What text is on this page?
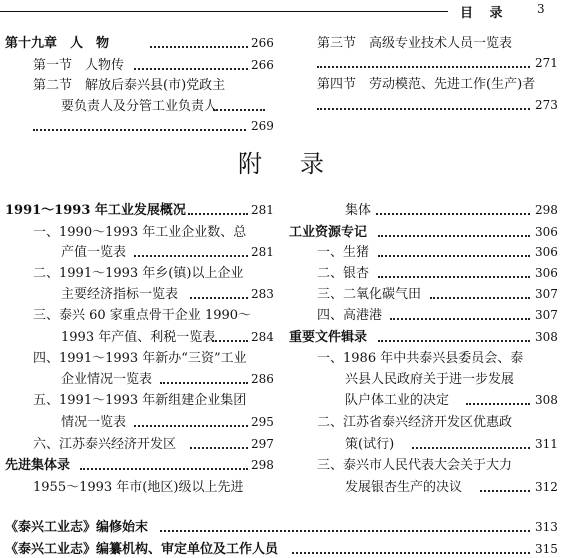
目 录 3
第十九章　人　物	266
第一节　人物传	266
第二节　解放后泰兴县(市)党政主
要负责人及分管工业负责人
269
第三节　高级专业技术人员一览表
271
第四节　劳动模范、先进工作(生产)者
273
附 录
1991～1993 年工业发展概况	281
一、1990～1993 年工业企业数、总
产值一览表	281
二、1991～1993 年乡(镇)以上企业
主要经济指标一览表	283
三、泰兴 60 家重点骨干企业 1990～
1993 年产值、利税一览表	284
四、1991～1993 年新办“三资”工业
企业情况一览表	286
五、1991～1993 年新组建企业集团
情况一览表	295
六、江苏泰兴经济开发区	297
先进集体录	298
1955～1993 年市(地区)级以上先进
集体	298
工业资源专记	306
一、生猪	306
二、银杏	306
三、二氧化碳气田	307
四、高港港	307
重要文件辑录	308
一、1986 年中共泰兴县委员会、泰
兴县人民政府关于进一步发展
队户体工业的决定	308
二、江苏省泰兴经济开发区优惠政
策(试行)	311
三、泰兴市人民代表大会关于大力
发展银杏生产的决议	312
《泰兴工业志》编修始末	313
《泰兴工业志》编纂机构、审定单位及工作人员	315
